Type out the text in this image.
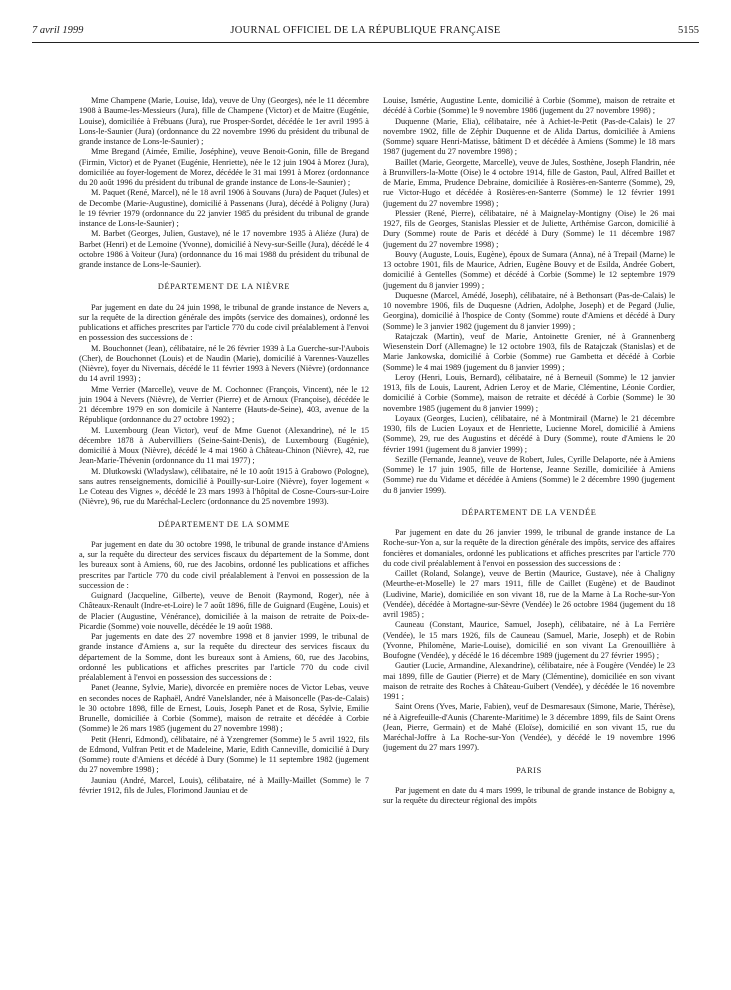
7 avril 1999	JOURNAL OFFICIEL DE LA RÉPUBLIQUE FRANÇAISE	5155

Mme Champene (Marie, Louise, Ida), veuve de Uny (Georges), née le 11 décembre 1908 à Baume-les-Messieurs (Jura), fille de Champene (Victor) et de Maitre (Eugénie, Louise), domiciliée à Frébuans (Jura), rue Prosper-Sordet, décédée le 1er avril 1995 à Lons-le-Saunier (Jura) (ordonnance du 22 novembre 1996 du président du tribunal de grande instance de Lons-le-Saunier) ;

Mme Bregand (Aimée, Emilie, Joséphine), veuve Benoit-Gonin, fille de Bregand (Firmin, Victor) et de Pyanet (Eugénie, Henriette), née le 12 juin 1904 à Morez (Jura), domiciliée au foyer-logement de Morez, décédée le 31 mai 1991 à Morez (ordonnance du 20 août 1996 du président du tribunal de grande instance de Lons-le-Saunier) ;

M. Paquet (René, Marcel), né le 18 avril 1906 à Souvans (Jura) de Paquet (Jules) et de Decombe (Marie-Augustine), domicilié à Passenans (Jura), décédé à Poligny (Jura) le 19 février 1979 (ordonnance du 22 janvier 1985 du président du tribunal de grande instance de Lons-le-Saunier) ;

M. Barbet (Georges, Julien, Gustave), né le 17 novembre 1935 à Aliéze (Jura) de Barbet (Henri) et de Lemoine (Yvonne), domicilié à Nevy-sur-Seille (Jura), décédé le 4 octobre 1986 à Voiteur (Jura) (ordonnance du 16 mai 1988 du président du tribunal de grande instance de Lons-le-Saunier).

DÉPARTEMENT DE LA NIÈVRE

Par jugement en date du 24 juin 1998, le tribunal de grande instance de Nevers a, sur la requête de la direction générale des impôts (service des domaines), ordonné les publications et affiches prescrites par l'article 770 du code civil préalablement à l'envoi en possession des successions de :

M. Bouchonnet (Jean), célibataire, né le 26 février 1939 à La Guerche-sur-l'Aubois (Cher), de Bouchonnet (Louis) et de Naudin (Marie), domicilié à Varennes-Vauzelles (Nièvre), foyer du Nivernais, décédé le 11 février 1993 à Nevers (Nièvre) (ordonnance du 14 avril 1993) ;

Mme Verrier (Marcelle), veuve de M. Cochonnec (François, Vincent), née le 12 juin 1904 à Nevers (Nièvre), de Verrier (Pierre) et de Arnoux (Françoise), décédée le 21 décembre 1979 en son domicile à Nanterre (Hauts-de-Seine), 403, avenue de la République (ordonnance du 27 octobre 1992) ;

M. Luxembourg (Jean Victor), veuf de Mme Guenot (Alexandrine), né le 15 décembre 1878 à Aubervilliers (Seine-Saint-Denis), de Luxembourg (Eugénie), domicilié à Moux (Nièvre), décédé le 4 mai 1960 à Château-Chinon (Nièvre), 42, rue Jean-Marie-Thévenin (ordonnance du 11 mai 1977) ;

M. Dlutkowski (Wladyslaw), célibataire, né le 10 août 1915 à Grabowo (Pologne), sans autres renseignements, domicilié à Pouilly-sur-Loire (Nièvre), foyer logement « Le Coteau des Vignes », décédé le 23 mars 1993 à l'hôpital de Cosne-Cours-sur-Loire (Nièvre), 96, rue du Maréchal-Leclerc (ordonnance du 25 novembre 1993).

DÉPARTEMENT DE LA SOMME

Par jugement en date du 30 octobre 1998, le tribunal de grande instance d'Amiens a, sur la requête du directeur des services fiscaux du département de la Somme, dont les bureaux sont à Amiens, 60, rue des Jacobins, ordonné les publications et affiches prescrites par l'article 770 du code civil préalablement à l'envoi en possession de la succession de :

Guignard (Jacqueline, Gilberte), veuve de Benoit (Raymond, Roger), née à Châteaux-Renault (Indre-et-Loire) le 7 août 1896, fille de Guignard (Eugène, Louis) et de Placier (Augustine, Vénérance), domiciliée à la maison de retraite de Poix-de-Picardie (Somme) voie nouvelle, décédée le 19 août 1988.

Par jugements en date des 27 novembre 1998 et 8 janvier 1999, le tribunal de grande instance d'Amiens a, sur la requête du directeur des services fiscaux du département de la Somme, dont les bureaux sont à Amiens, 60, rue des Jacobins, ordonné les publications et affiches prescrites par l'article 770 du code civil préalablement à l'envoi en possession des successions de :

Panet (Jeanne, Sylvie, Marie), divorcée en première noces de Victor Lebas, veuve en secondes noces de Raphaël, André Vanelslander, née à Maisoncelle (Pas-de-Calais) le 30 octobre 1898, fille de Ernest, Louis, Joseph Panet et de Rosa, Sylvie, Emilie Brunelle, domiciliée à Corbie (Somme), maison de retraite et décédée à Corbie (Somme) le 26 mars 1985 (jugement du 27 novembre 1998) ;

Petit (Henri, Edmond), célibataire, né à Yzengremer (Somme) le 5 avril 1922, fils de Edmond, Vulfran Petit et de Madeleine, Marie, Edith Canneville, domicilié à Dury (Somme) route d'Amiens et décédé à Dury (Somme) le 11 septembre 1982 (jugement du 27 novembre 1998) ;

Jauniau (André, Marcel, Louis), célibataire, né à Mailly-Maillet (Somme) le 7 février 1912, fils de Jules, Florimond Jauniau et de

Louise, Ismérie, Augustine Lente, domicilié à Corbie (Somme), maison de retraite et décédé à Corbie (Somme) le 9 novembre 1986 (jugement du 27 novembre 1998) ;

Duquenne (Marie, Elia), célibataire, née à Achiet-le-Petit (Pas-de-Calais) le 27 novembre 1902, fille de Zéphir Duquenne et de Alida Dartus, domiciliée à Amiens (Somme) square Henri-Matisse, bâtiment D et décédée à Amiens (Somme) le 18 mars 1987 (jugement du 27 novembre 1998) ;

Baillet (Marie, Georgette, Marcelle), veuve de Jules, Sosthène, Joseph Flandrin, née à Brunvillers-la-Motte (Oise) le 4 octobre 1914, fille de Gaston, Paul, Alfred Baillet et de Marie, Emma, Prudence Debraine, domiciliée à Rosières-en-Santerre (Somme), 29, rue Victor-Hugo et décédée à Rosières-en-Santerre (Somme) le 12 février 1991 (jugement du 27 novembre 1998) ;

Plessier (René, Pierre), célibataire, né à Maignelay-Montigny (Oise) le 26 mai 1927, fils de Georges, Stanislas Plessier et de Juliette, Arthémise Garcon, domicilié à Dury (Somme) route de Paris et décédé à Dury (Somme) le 11 décembre 1987 (jugement du 27 novembre 1998) ;

Bouvy (Auguste, Louis, Eugène), époux de Sumara (Anna), né à Trepail (Marne) le 13 octobre 1901, fils de Maurice, Adrien, Eugène Bouvy et de Esilda, Andrée Gobert, domicilié à Gentelles (Somme) et décédé à Corbie (Somme) le 12 septembre 1979 (jugement du 8 janvier 1999) ;

Duquesne (Marcel, Amédé, Joseph), célibataire, né à Bethonsart (Pas-de-Calais) le 10 novembre 1906, fils de Duquesne (Adrien, Adolphe, Joseph) et de Pegard (Julie, Georgina), domicilié à l'hospice de Conty (Somme) route d'Amiens et décédé à Dury (Somme) le 3 janvier 1982 (jugement du 8 janvier 1999) ;

Ratajczak (Martin), veuf de Marie, Antoinette Grenier, né à Grannenberg Wiesenstein Dorf (Allemagne) le 12 octobre 1903, fils de Ratajczak (Stanislas) et de Marie Jankowska, domicilié à Corbie (Somme) rue Gambetta et décédé à Corbie (Somme) le 4 mai 1989 (jugement du 8 janvier 1999) ;

Leroy (Henri, Louis, Bernard), célibataire, né à Berneuil (Somme) le 12 janvier 1913, fils de Louis, Laurent, Adrien Leroy et de Marie, Clémentine, Léonie Cordier, domicilié à Corbie (Somme), maison de retraite et décédé à Corbie (Somme) le 30 novembre 1985 (jugement du 8 janvier 1999) ;

Loyaux (Georges, Lucien), célibataire, né à Montmirail (Marne) le 21 décembre 1930, fils de Lucien Loyaux et de Henriette, Lucienne Morel, domicilié à Amiens (Somme), 29, rue des Augustins et décédé à Dury (Somme), route d'Amiens le 20 février 1991 (jugement du 8 janvier 1999) ;

Sezille (Fernande, Jeanne), veuve de Robert, Jules, Cyrille Delaporte, née à Amiens (Somme) le 17 juin 1905, fille de Hortense, Jeanne Sezille, domiciliée à Amiens (Somme) rue du Vidame et décédée à Amiens (Somme) le 2 décembre 1990 (jugement du 8 janvier 1999).

DÉPARTEMENT DE LA VENDÉE

Par jugement en date du 26 janvier 1999, le tribunal de grande instance de La Roche-sur-Yon a, sur la requête de la direction générale des impôts, service des affaires foncières et domaniales, ordonné les publications et affiches prescrites par l'article 770 du code civil préalablement à l'envoi en possession des successions de :

Caillet (Roland, Solange), veuve de Bertin (Maurice, Gustave), née à Chaligny (Meurthe-et-Moselle) le 27 mars 1911, fille de Caillet (Eugène) et de Baudinot (Ludivine, Marie), domiciliée en son vivant 18, rue de la Marne à La Roche-sur-Yon (Vendée), décédée à Mortagne-sur-Sèvre (Vendée) le 26 octobre 1984 (jugement du 18 avril 1985) ;

Cauneau (Constant, Maurice, Samuel, Joseph), célibataire, né à La Ferrière (Vendée), le 15 mars 1926, fils de Cauneau (Samuel, Marie, Joseph) et de Robin (Yvonne, Philomène, Marie-Louise), domicilié en son vivant La Grenouillière à Boufogne (Vendée), y décédé le 16 décembre 1989 (jugement du 27 février 1995) ;

Gautier (Lucie, Armandine, Alexandrine), célibataire, née à Fougère (Vendée) le 23 mai 1899, fille de Gautier (Pierre) et de Mary (Clémentine), domiciliée en son vivant maison de retraite des Roches à Château-Guibert (Vendée), y décédée le 16 novembre 1991 ;

Saint Orens (Yves, Marie, Fabien), veuf de Desmaresaux (Simone, Marie, Thérèse), né à Aigrefeuille-d'Aunis (Charente-Maritime) le 3 décembre 1899, fils de Saint Orens (Jean, Pierre, Germain) et de Mahé (Eloïse), domicilié en son vivant 15, rue du Maréchal-Joffre à La Roche-sur-Yon (Vendée), y décédé le 19 novembre 1996 (jugement du 27 mars 1997).

PARIS

Par jugement en date du 4 mars 1999, le tribunal de grande instance de Bobigny a, sur la requête du directeur régional des impôts
